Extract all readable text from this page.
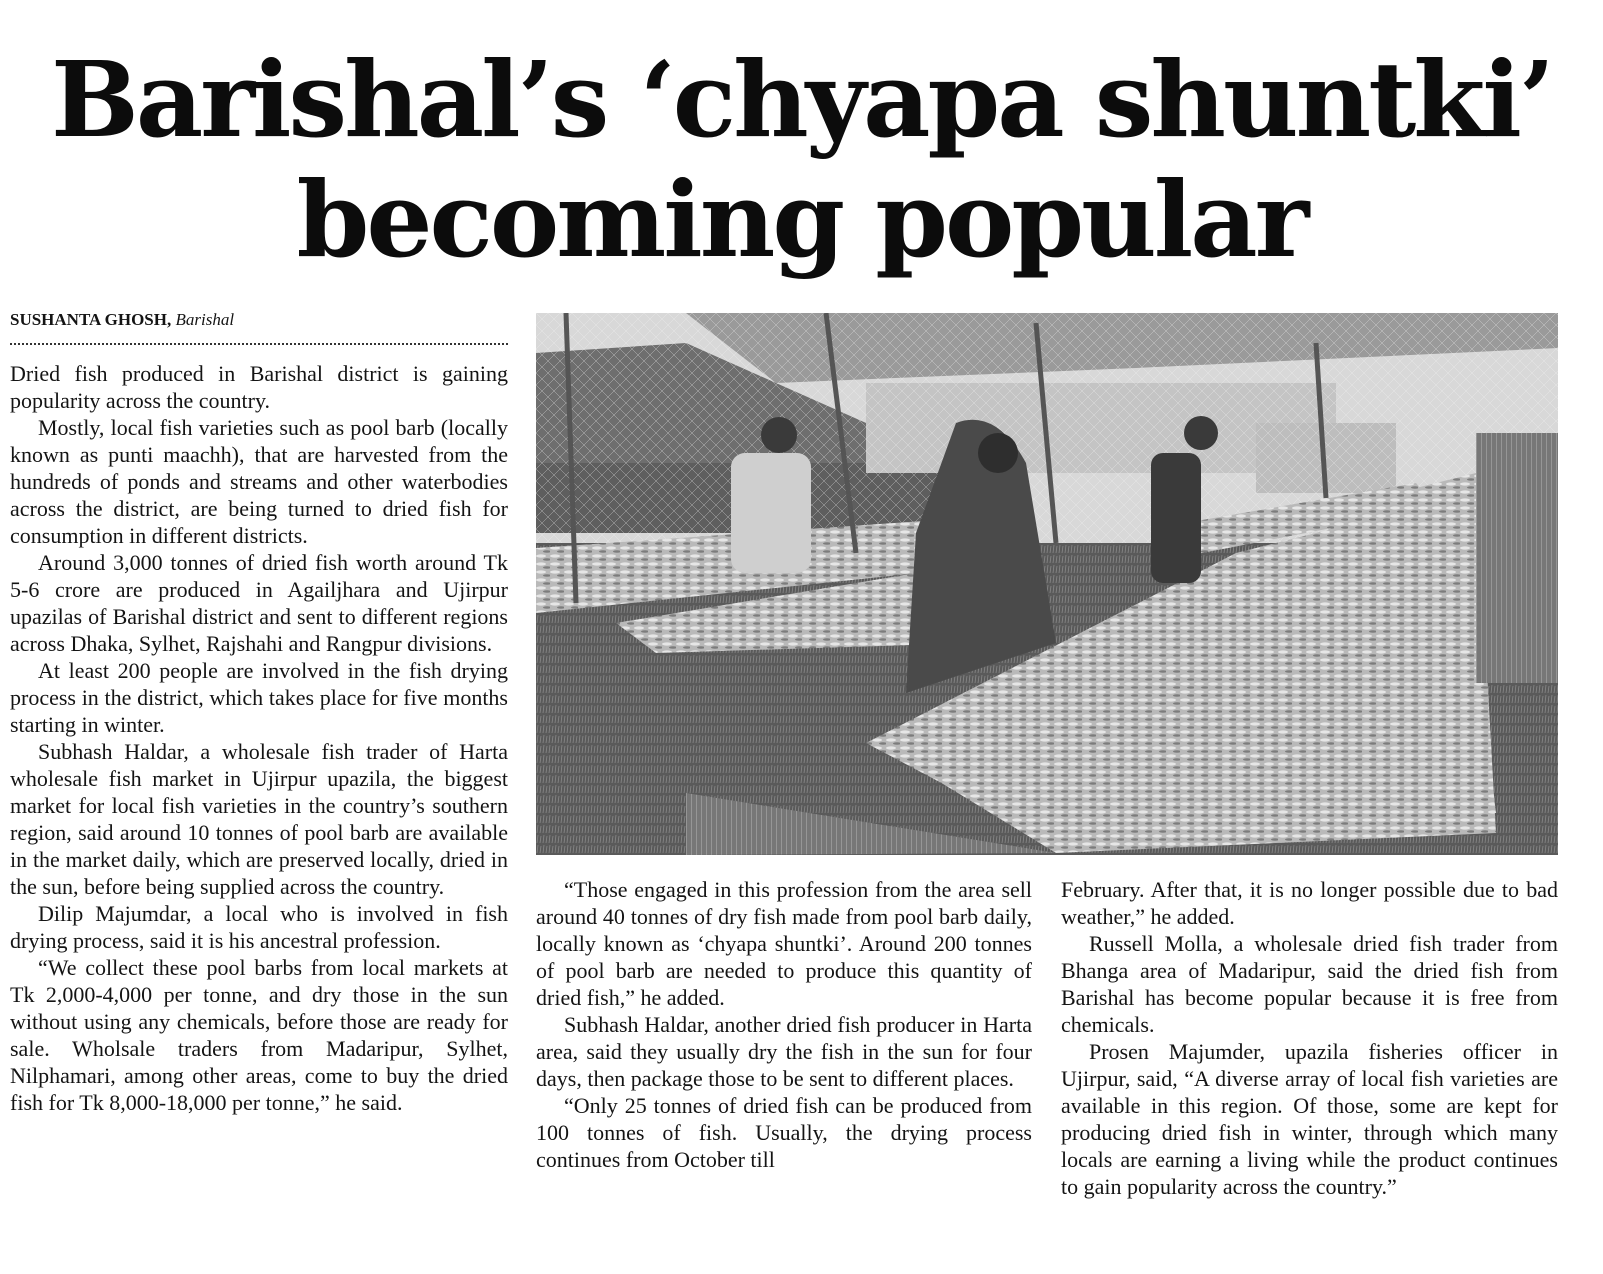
Barishal’s ‘chyapa shuntki’
becoming popular
SUSHANTA GHOSH, Barishal

Dried fish produced in Barishal district is gaining popularity across the country.

Mostly, local fish varieties such as pool barb (locally known as punti maachh), that are harvested from the hundreds of ponds and streams and other waterbodies across the district, are being turned to dried fish for consumption in different districts.

Around 3,000 tonnes of dried fish worth around Tk 5-6 crore are produced in Agailjhara and Ujirpur upazilas of Barishal district and sent to different regions across Dhaka, Sylhet, Rajshahi and Rangpur divisions.

At least 200 people are involved in the fish drying process in the district, which takes place for five months starting in winter.

Subhash Haldar, a wholesale fish trader of Harta wholesale fish market in Ujirpur upazila, the biggest market for local fish varieties in the country’s southern region, said around 10 tonnes of pool barb are available in the market daily, which are preserved locally, dried in the sun, before being supplied across the country.

Dilip Majumdar, a local who is involved in fish drying process, said it is his ancestral profession.

“We collect these pool barbs from local markets at Tk 2,000-4,000 per tonne, and dry those in the sun without using any chemicals, before those are ready for sale. Wholsale traders from Madaripur, Sylhet, Nilphamari, among other areas, come to buy the dried fish for Tk 8,000-18,000 per tonne,” he said.

“Those engaged in this profession from the area sell around 40 tonnes of dry fish made from pool barb daily, locally known as ‘chyapa shuntki’. Around 200 tonnes of pool barb are needed to produce this quantity of dried fish,” he added.

Subhash Haldar, another dried fish producer in Harta area, said they usually dry the fish in the sun for four days, then package those to be sent to different places.

“Only 25 tonnes of dried fish can be produced from 100 tonnes of fish. Usually, the drying process continues from October till

February. After that, it is no longer possible due to bad weather,” he added.

Russell Molla, a wholesale dried fish trader from Bhanga area of Madaripur, said the dried fish from Barishal has become popular because it is free from chemicals.

Prosen Majumder, upazila fisheries officer in Ujirpur, said, “A diverse array of local fish varieties are available in this region. Of those, some are kept for producing dried fish in winter, through which many locals are earning a living while the product continues to gain popularity across the country.”
